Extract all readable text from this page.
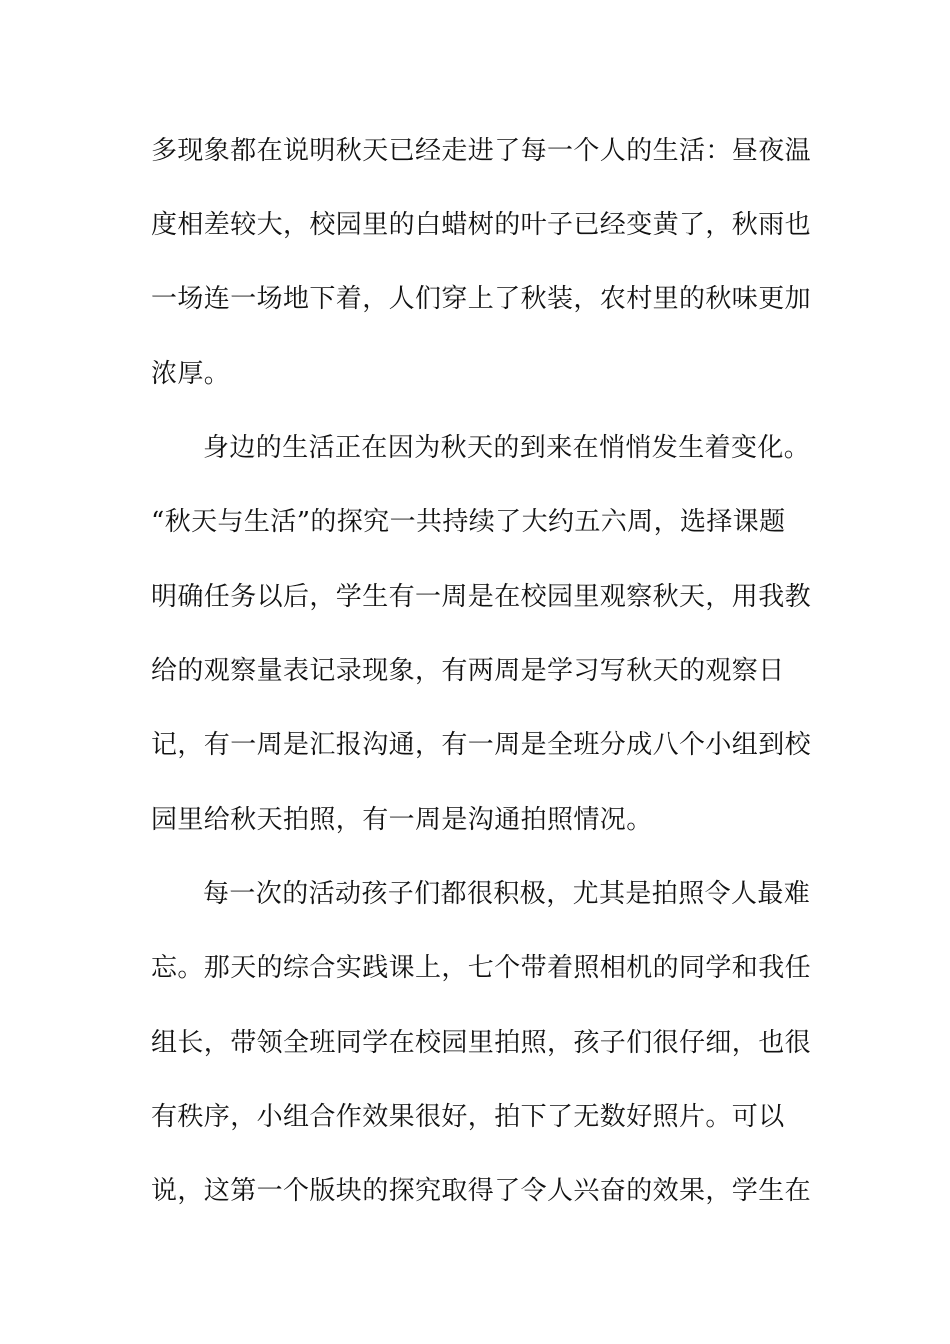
多现象都在说明秋天已经走进了每一个人的生活：昼夜温
度相差较大，校园里的白蜡树的叶子已经变黄了，秋雨也
一场连一场地下着，人们穿上了秋装，农村里的秋味更加
浓厚。
身边的生活正在因为秋天的到来在悄悄发生着变化。
“秋天与生活”的探究一共持续了大约五六周，选择课题
明确任务以后，学生有一周是在校园里观察秋天，用我教
给的观察量表记录现象，有两周是学习写秋天的观察日
记，有一周是汇报沟通，有一周是全班分成八个小组到校
园里给秋天拍照，有一周是沟通拍照情况。
每一次的活动孩子们都很积极，尤其是拍照令人最难
忘。那天的综合实践课上，七个带着照相机的同学和我任
组长，带领全班同学在校园里拍照，孩子们很仔细，也很
有秩序，小组合作效果很好，拍下了无数好照片。可以
说，这第一个版块的探究取得了令人兴奋的效果，学生在
